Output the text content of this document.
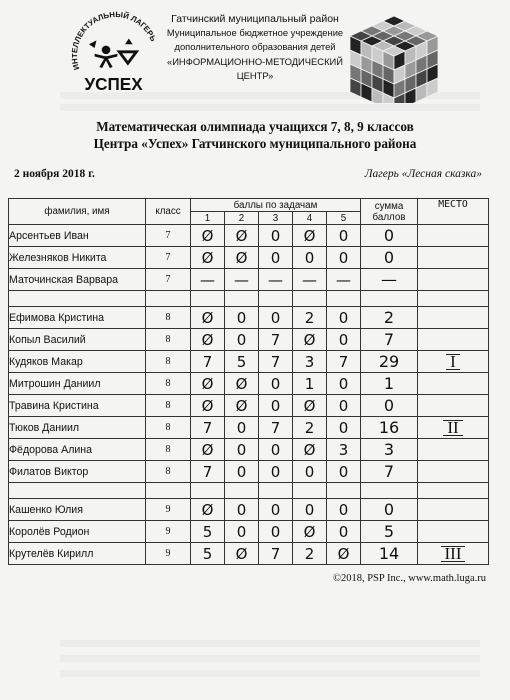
ИНТЕЛЛЕКТУАЛЬНЫЙ ЛАГЕРЬ
УСПЕХ
Гатчинский муниципальный район
Муниципальное бюджетное учреждение
дополнительного образования детей
«ИНФОРМАЦИОННО-МЕТОДИЧЕСКИЙ ЦЕНТР»
Математическая олимпиада учащихся 7, 8, 9 классов
Центра «Успех» Гатчинского муниципального района
2 ноября 2018 г.	Лагерь «Лесная сказка»
фамилия, имя	класс	баллы по задачам					сумма баллов	МЕСТО
		1	2	3	4	5		
Арсентьев Иван	7	Ø	Ø	0	Ø	0	0	
Железняков Никита	7	Ø	Ø	0	0	0	0	
Маточинская Варвара	7	—	—	—	—	—	—	

Ефимова Кристина	8	Ø	0	0	2	0	2	
Копыл Василий	8	Ø	0	7	Ø	0	7	
Кудяков Макар	8	7	5	7	3	7	29	I
Митрошин Даниил	8	Ø	Ø	0	1	0	1	
Травина Кристина	8	Ø	Ø	0	Ø	0	0	
Тюков Даниил	8	7	0	7	2	0	16	II
Фёдорова Алина	8	Ø	0	0	Ø	3	3	
Филатов Виктор	8	7	0	0	0	0	7	

Кашенко Юлия	9	Ø	0	0	0	0	0	
Королёв Родион	9	5	0	0	Ø	0	5	
Крутелёв Кирилл	9	5	Ø	7	2	Ø	14	III
©2018, PSP Inc., www.math.luga.ru
